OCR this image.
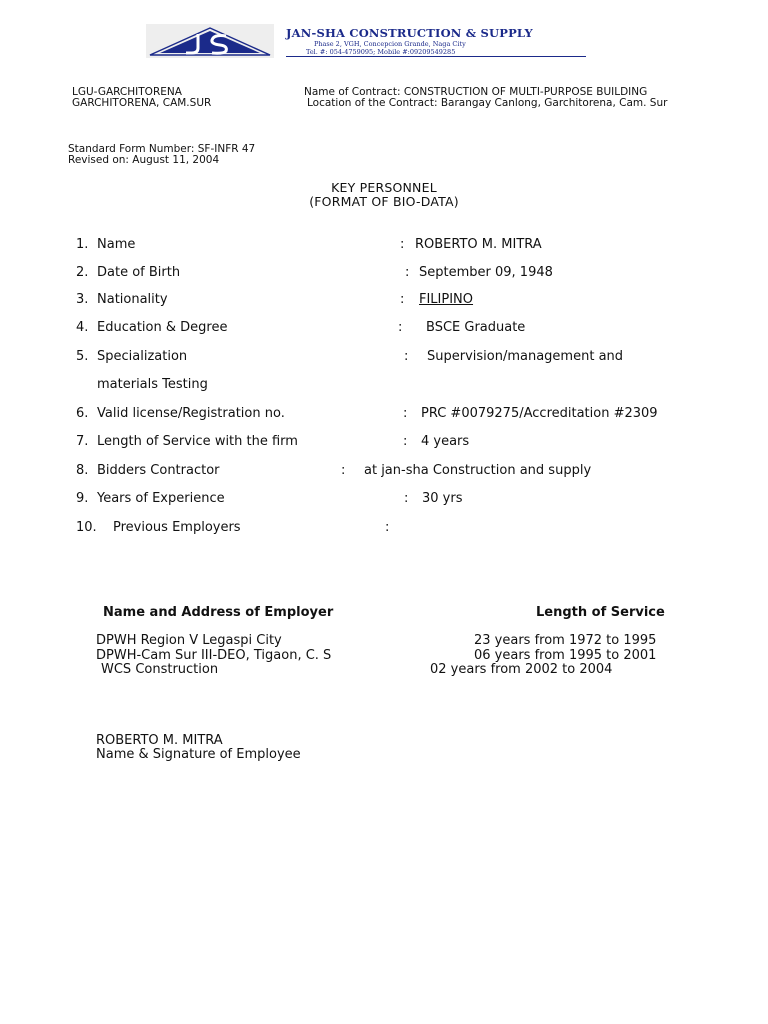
JAN-SHA CONSTRUCTION & SUPPLY
Phase 2, VGH, Concepcion Grande, Naga City
Tel. #: 054-4759095; Mobile #:09209549285
LGU-GARCHITORENA
GARCHITORENA, CAM.SUR
Name of Contract: CONSTRUCTION OF MULTI-PURPOSE BUILDING
Location of the Contract: Barangay Canlong, Garchitorena, Cam. Sur
Standard Form Number: SF-INFR 47
Revised on: August 11, 2004
KEY PERSONNEL
(FORMAT OF BIO-DATA)
1. Name	: ROBERTO M. MITRA
2. Date of Birth	: September 09, 1948
3. Nationality	: FILIPINO
4. Education & Degree	: BSCE Graduate
5. Specialization	: Supervision/management and
materials Testing
6. Valid license/Registration no.	: PRC #0079275/Accreditation #2309
7. Length of Service with the firm	: 4 years
8. Bidders Contractor	: at jan-sha Construction and supply
9. Years of Experience	: 30 yrs
10. Previous Employers	:
Name and Address of Employer	Length of Service
DPWH Region V Legaspi City	23 years from 1972 to 1995
DPWH-Cam Sur III-DEO, Tigaon, C. S	06 years from 1995 to 2001
WCS Construction	02 years from 2002 to 2004
ROBERTO M. MITRA
Name & Signature of Employee
